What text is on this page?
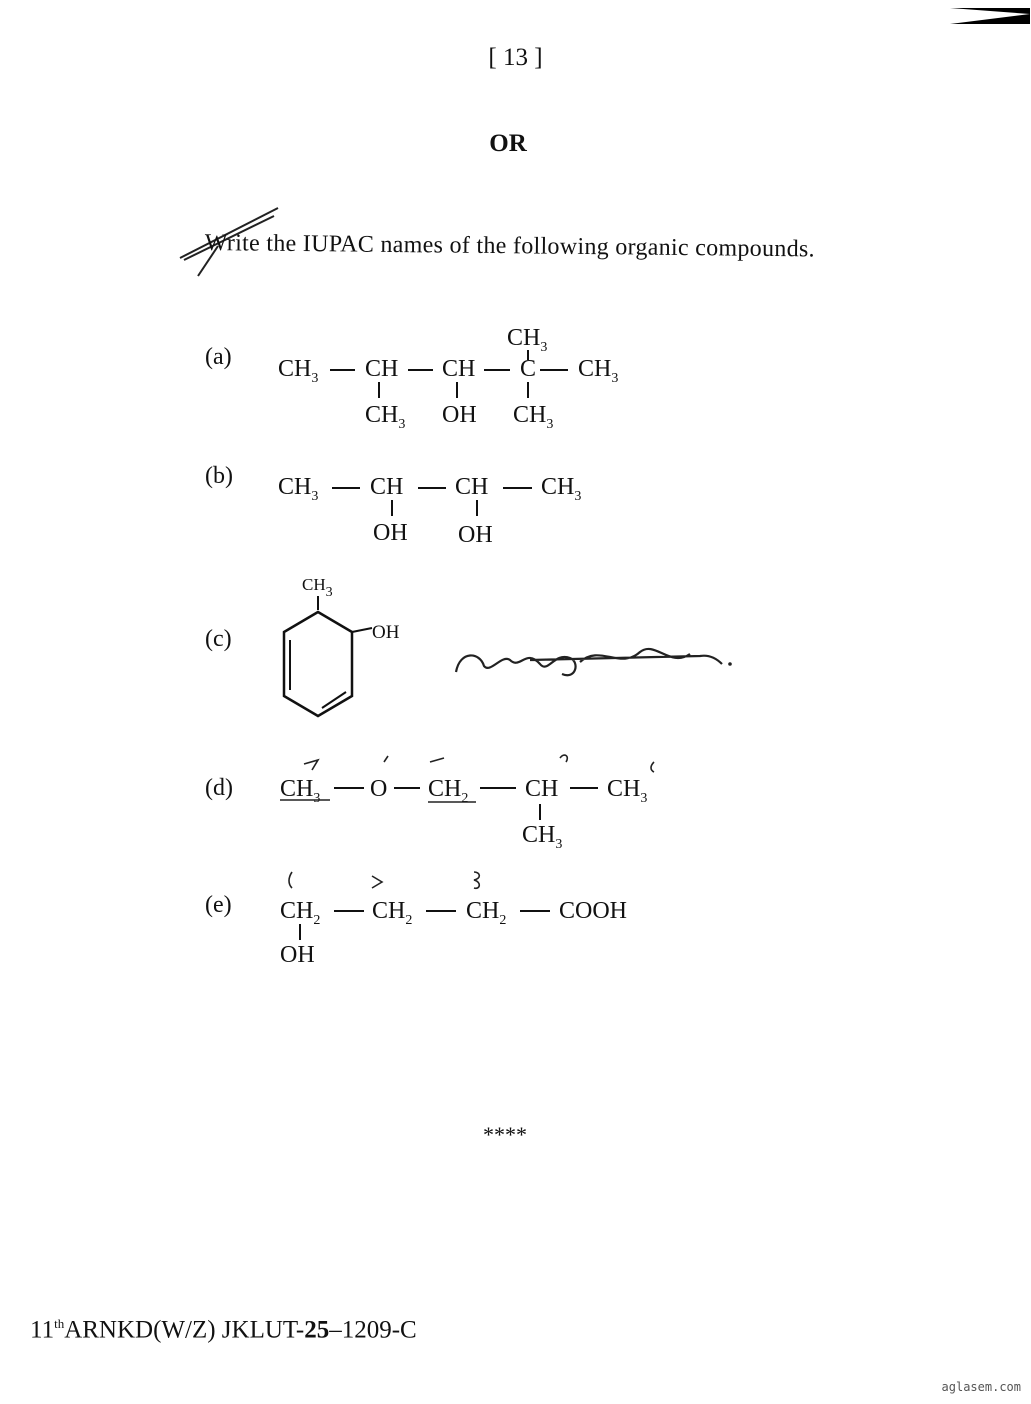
[ 13 ]
OR
Write the IUPAC names of the following organic compounds.
(a)
$CH_3$
$CH_3$ CH CH C $CH_3$
$CH_3$ OH $CH_3$
(b) $CH_3$ CH CH $CH_3$
OH OH
(c)
$CH_3$
OH
(d) $CH_3$ O $CH_2$ CH $CH_3$
$CH_3$
(e) $CH_2$ $CH_2$ $CH_2$ COOH
OH
****
11thARNKD(W/Z) JKLUT-25–1209-C
aglasem.com
